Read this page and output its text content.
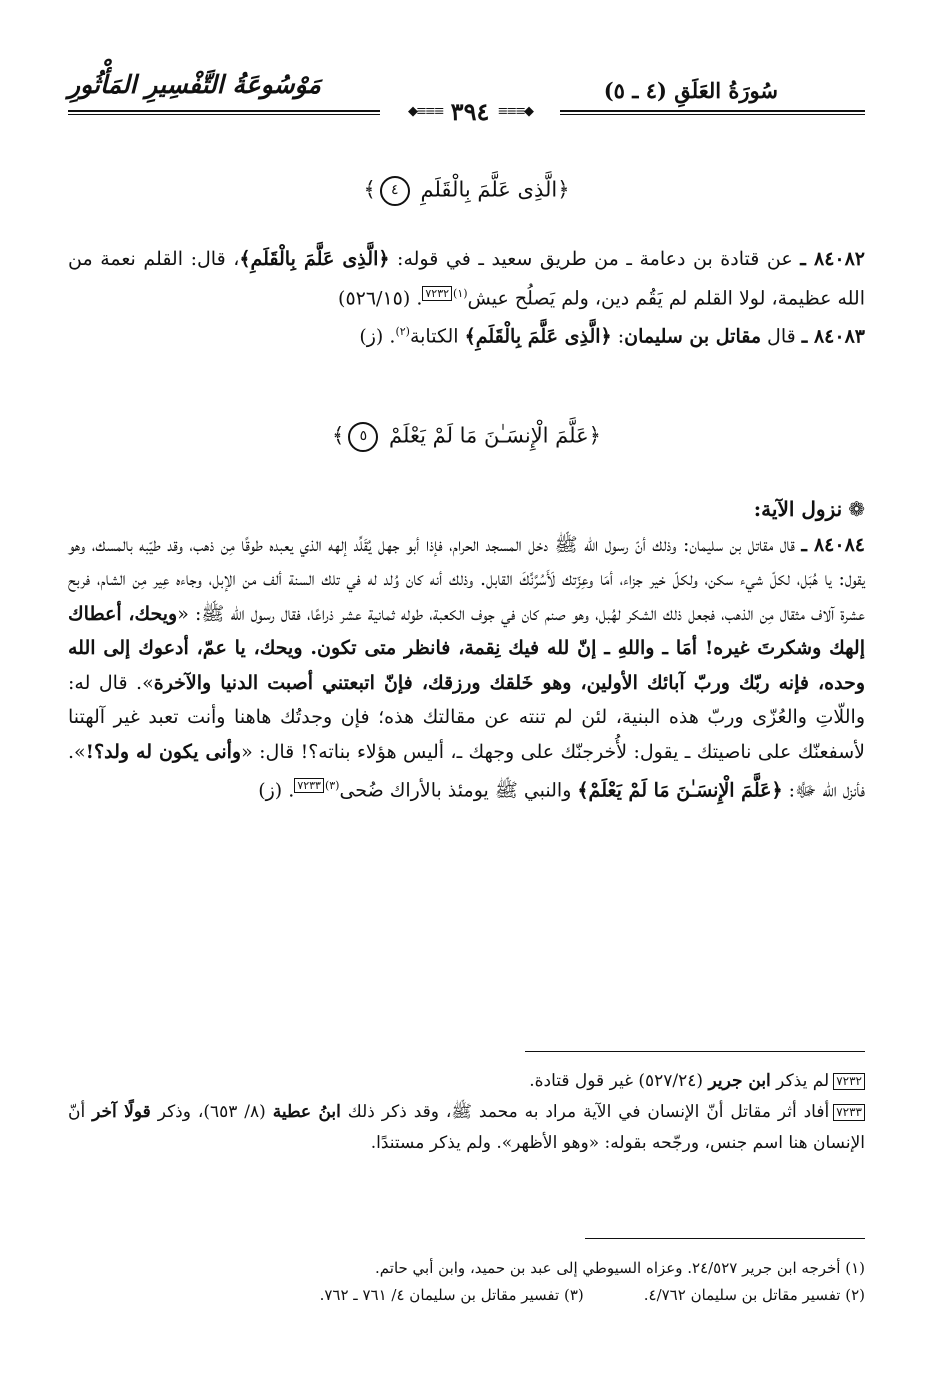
سُورَةُ العَلَقِ (٤ ـ ٥)
مَوْسُوعَةُ التَّفْسِيرِ المَأْثُورِ
◆≡≡≡
٣٩٤
≡≡≡◆
﴿الَّذِى عَلَّمَ بِالْقَلَمِ ٤﴾

٨٤٠٨٢ ـ عن قتادة بن دعامة ـ من طريق سعيد ـ في قوله: ﴿الَّذِى عَلَّمَ بِالْقَلَمِ﴾، قال: القلم نعمة من الله عظيمة، لولا القلم لم يَقُم دين، ولم يَصلُح عيش$^{(١)}$٧٢٣٢. (٥٢٦/١٥)

٨٤٠٨٣ ـ قال مقاتل بن سليمان: ﴿الَّذِى عَلَّمَ بِالْقَلَمِ﴾ الكتابة$^{(٢)}$. (ز)

﴿عَلَّمَ الْإِنسَـٰنَ مَا لَمْ يَعْلَمْ ٥﴾

❁ نزول الآية:

٨٤٠٨٤ ـ قال مقاتل بن سليمان: وذلك أنّ رسول الله ﷺ دخل المسجد الحرام، فإذا أبو جهل يُقَلِّد إلهه الذي يعبده طوقًا مِن ذهب، وقد طيّبه بالمسك، وهو يقول: يا هُبَل، لكلّ شيء سكن، ولكلّ خير جزاء، أمَا وعِزّتك لَأَسُرَّنَّكَ القابل. وذلك أنه كان وُلد له في تلك السنة ألف من الإبل، وجاءه عِير مِن الشام، فربح عشرة آلاف مثقال مِن الذهب، فجعل ذلك الشكر لهُبل، وهو صنم كان في جوف الكعبة، طوله ثمانية عشر ذراعًا، فقال رسول الله ﷺ: «ويحك، أعطاك إلهك وشكرتَ غيره! أمَا ـ واللهِ ـ إنّ لله فيك نِقمة، فانظر متى تكون. ويحك، يا عمّ، أدعوك إلى الله وحده، فإنه ربّك وربّ آبائك الأولين، وهو خَلقك ورزقك، فإنّ اتبعتني أصبت الدنيا والآخرة». قال له: واللّاتِ والعُزّى وربّ هذه البنية، لئن لم تنته عن مقالتك هذه؛ فإن وجدتُك هاهنا وأنت تعبد غير آلهتنا لأسفعنّك على ناصيتك ـ يقول: لأُخرجنّك على وجهك ـ، أليس هؤلاء بناته؟! قال: «وأنى يكون له ولد؟!». فأنزل الله ﷻ: ﴿عَلَّمَ الْإِنسَـٰنَ مَا لَمْ يَعْلَمْ﴾ والنبي ﷺ يومئذ بالأراك ضُحى$^{(٣)}$٧٢٣٣. (ز)

٧٢٣٢لم يذكر ابن جرير (٥٢٧/٢٤) غير قول قتادة.

٧٢٣٣أفاد أثر مقاتل أنّ الإنسان في الآية مراد به محمد ﷺ، وقد ذكر ذلك ابنُ عطية (٨/ ٦٥٣)، وذكر قولًا آخر أنّ الإنسان هنا اسم جنس، ورجّحه بقوله: «وهو الأظهر». ولم يذكر مستندًا.

(١) أخرجه ابن جرير ٢٤/٥٢٧. وعزاه السيوطي إلى عبد بن حميد، وابن أبي حاتم.
(٢) تفسير مقاتل بن سليمان ٤/٧٦٢.
(٣) تفسير مقاتل بن سليمان ٤/ ٧٦١ ـ ٧٦٢.
